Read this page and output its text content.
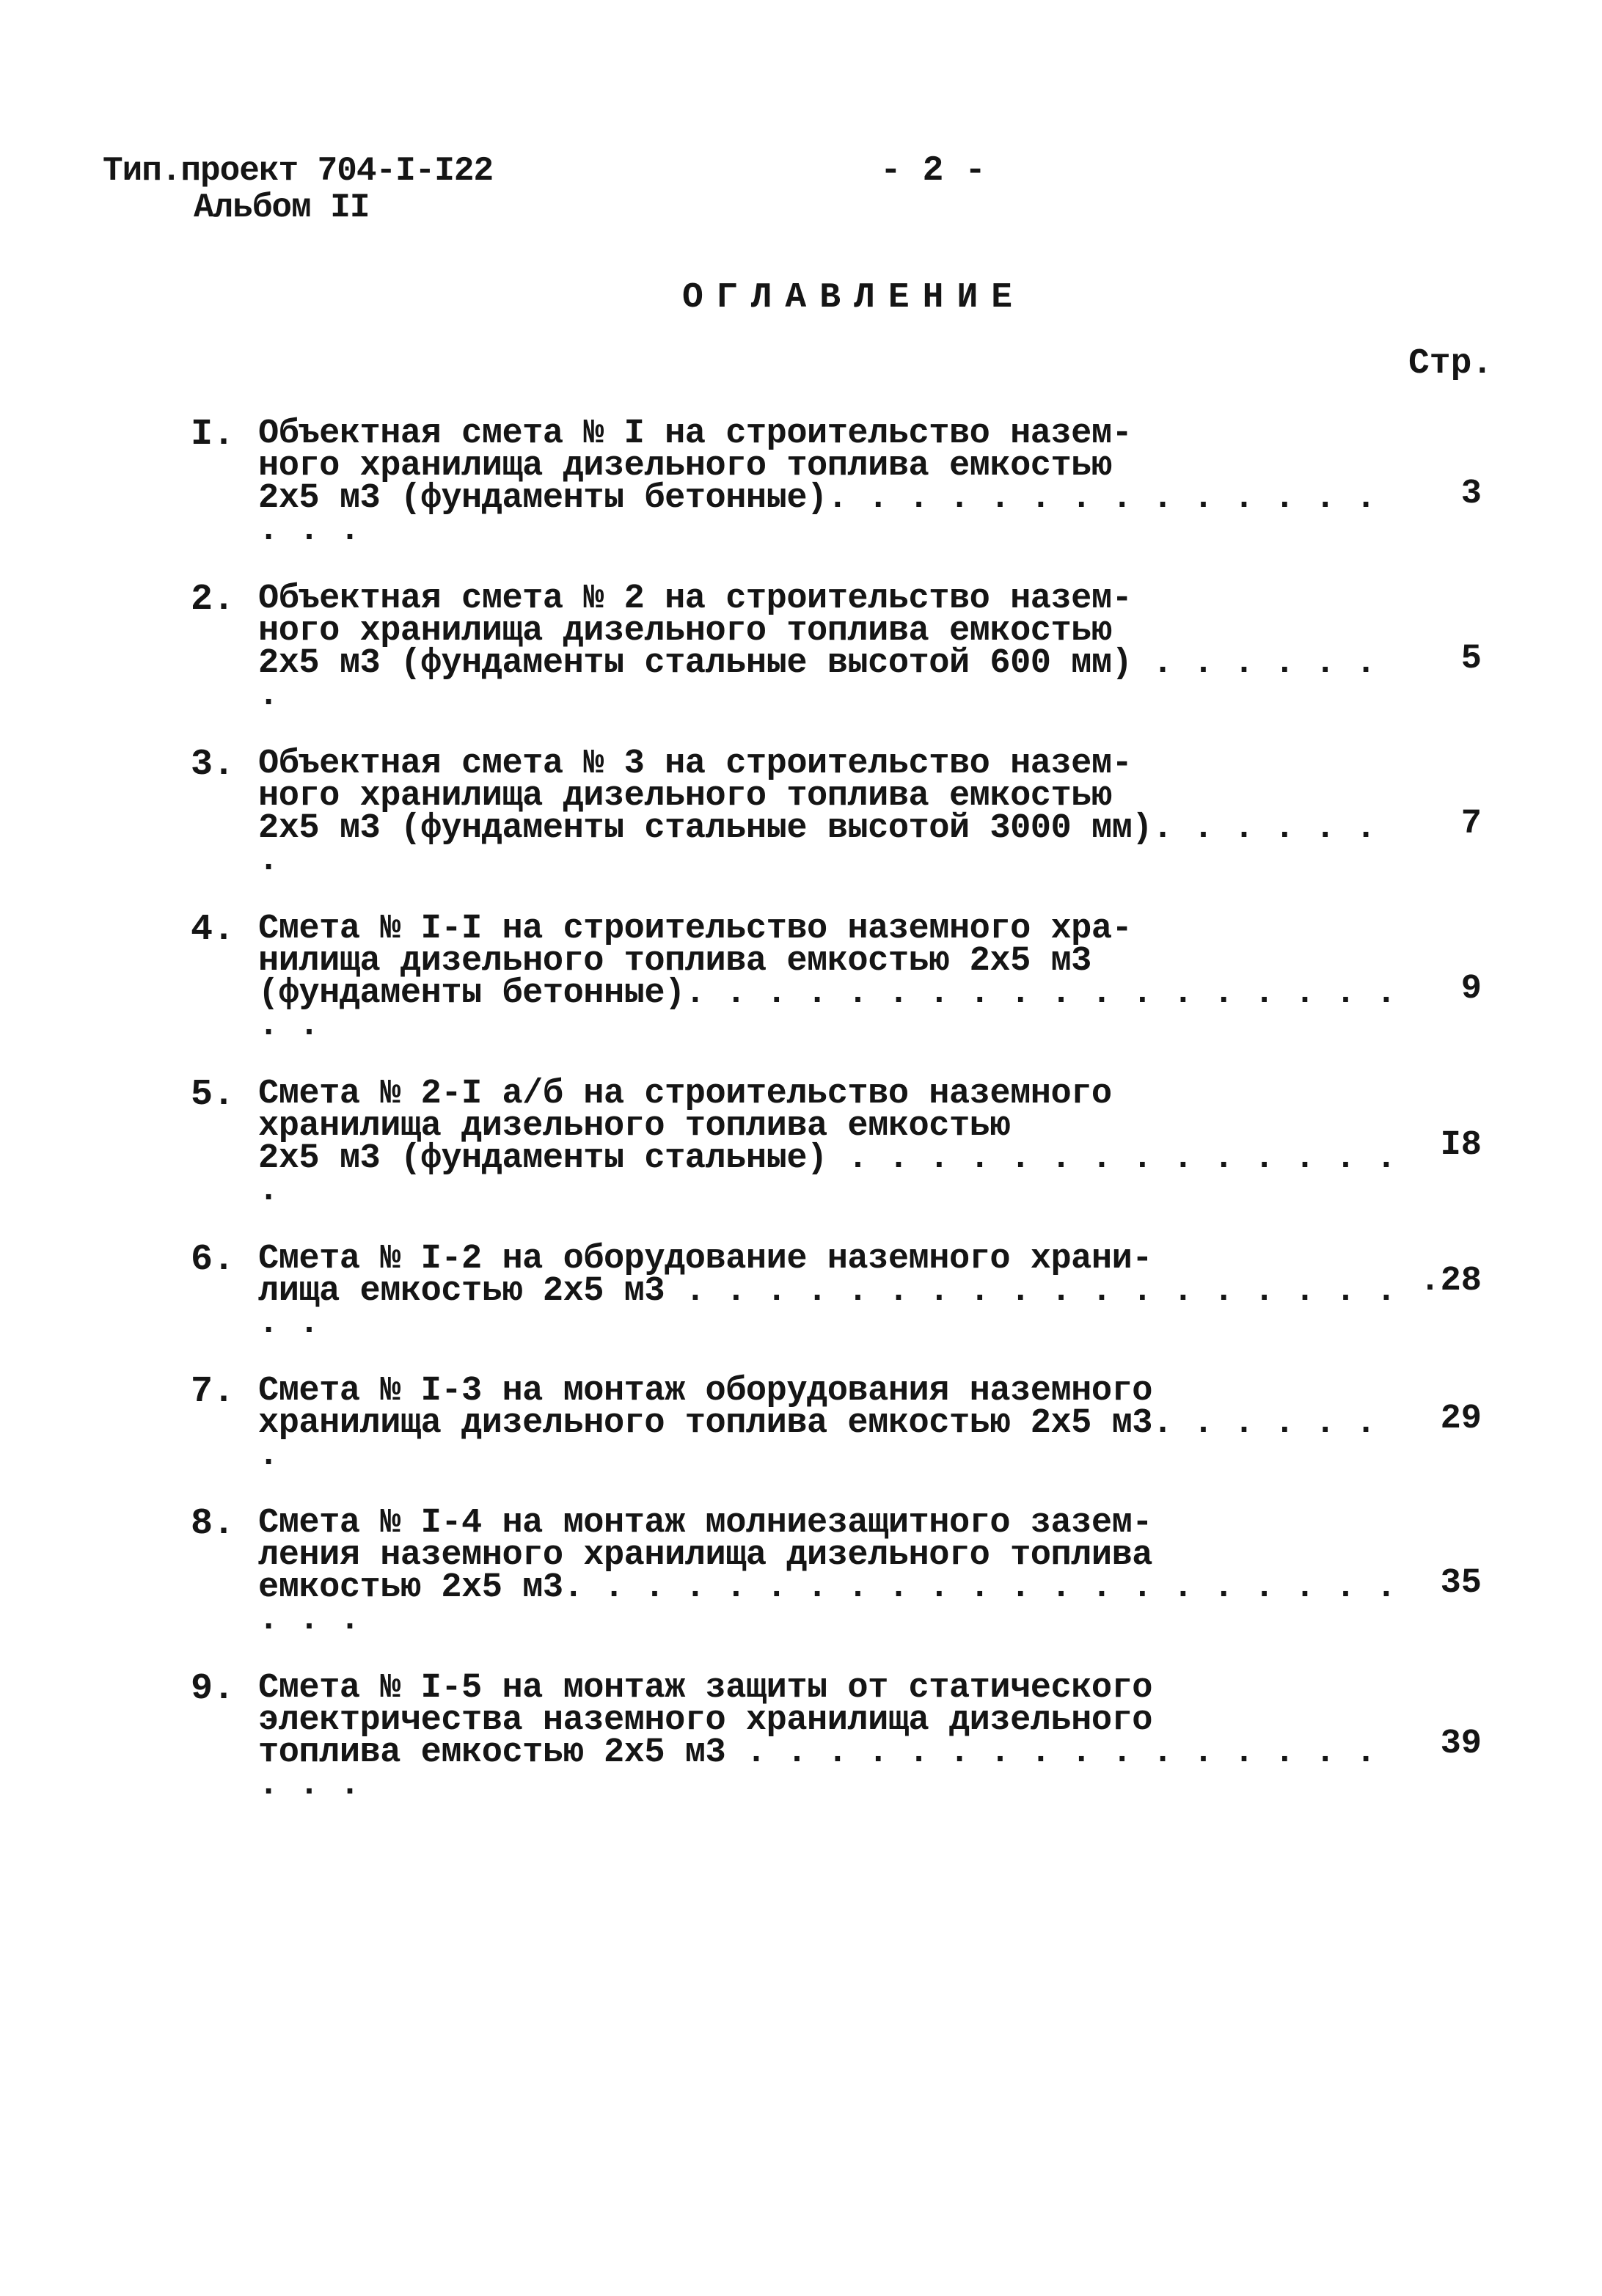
Тип.проект 704-I-I22
Альбом II
- 2 -
ОГЛАВЛЕНИЕ
Стр.
I. Объектная смета № I на строительство назем-
ного хранилища дизельного топлива емкостью
2х5 м3 (фундаменты бетонные). . . . . . . . . . . . . . . . .
3
2. Объектная смета № 2 на строительство назем-
ного хранилища дизельного топлива емкостью
2х5 м3 (фундаменты стальные высотой 600 мм) . . . . . . .
5
3. Объектная смета № 3 на строительство назем-
ного хранилища дизельного топлива емкостью
2х5 м3 (фундаменты стальные высотой 3000 мм). . . . . . .
7
4. Смета № I-I на строительство наземного хра-
нилища дизельного топлива емкостью 2х5 м3
(фундаменты бетонные). . . . . . . . . . . . . . . . . . . .
9
5. Смета № 2-I а/б на строительство наземного
хранилища дизельного топлива емкостью
2х5 м3 (фундаменты стальные) . . . . . . . . . . . . . . .
I8
6. Смета № I-2 на оборудование наземного храни-
лища емкостью 2х5 м3 . . . . . . . . . . . . . . . . . . . .
.28
7. Смета № I-3 на монтаж оборудования наземного
хранилища дизельного топлива емкостью 2х5 м3. . . . . . .
29
8. Смета № I-4 на монтаж молниезащитного зазем-
ления наземного хранилища дизельного топлива
емкостью 2х5 м3. . . . . . . . . . . . . . . . . . . . . . . .
35
9. Смета № I-5 на монтаж защиты от статического
электричества наземного хранилища дизельного
топлива емкостью 2х5 м3 . . . . . . . . . . . . . . . . . . .
39
